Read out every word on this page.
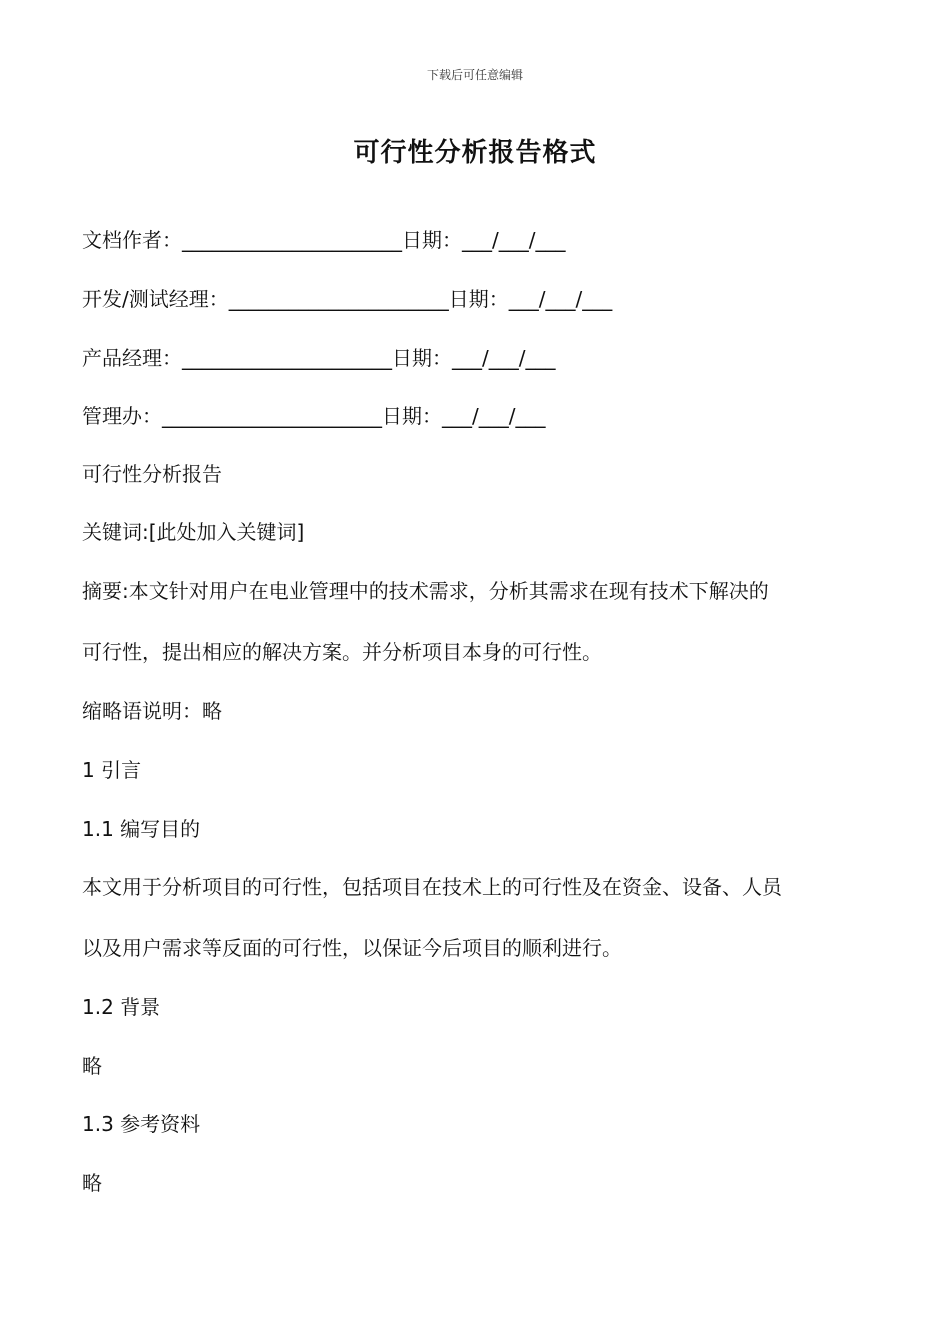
下载后可任意编辑
可行性分析报告格式
文档作者：______________________日期：___/___/___
开发/测试经理：______________________日期：___/___/___
产品经理：_____________________日期：___/___/___
管理办：______________________日期：___/___/___
可行性分析报告
关键词:[此处加入关键词]
摘要:本文针对用户在电业管理中的技术需求，分析其需求在现有技术下解决的
可行性，提出相应的解决方案。并分析项目本身的可行性。
缩略语说明：略
1 引言
1.1 编写目的
本文用于分析项目的可行性，包括项目在技术上的可行性及在资金、设备、人员
以及用户需求等反面的可行性，以保证今后项目的顺利进行。
1.2 背景
略
1.3 参考资料
略
